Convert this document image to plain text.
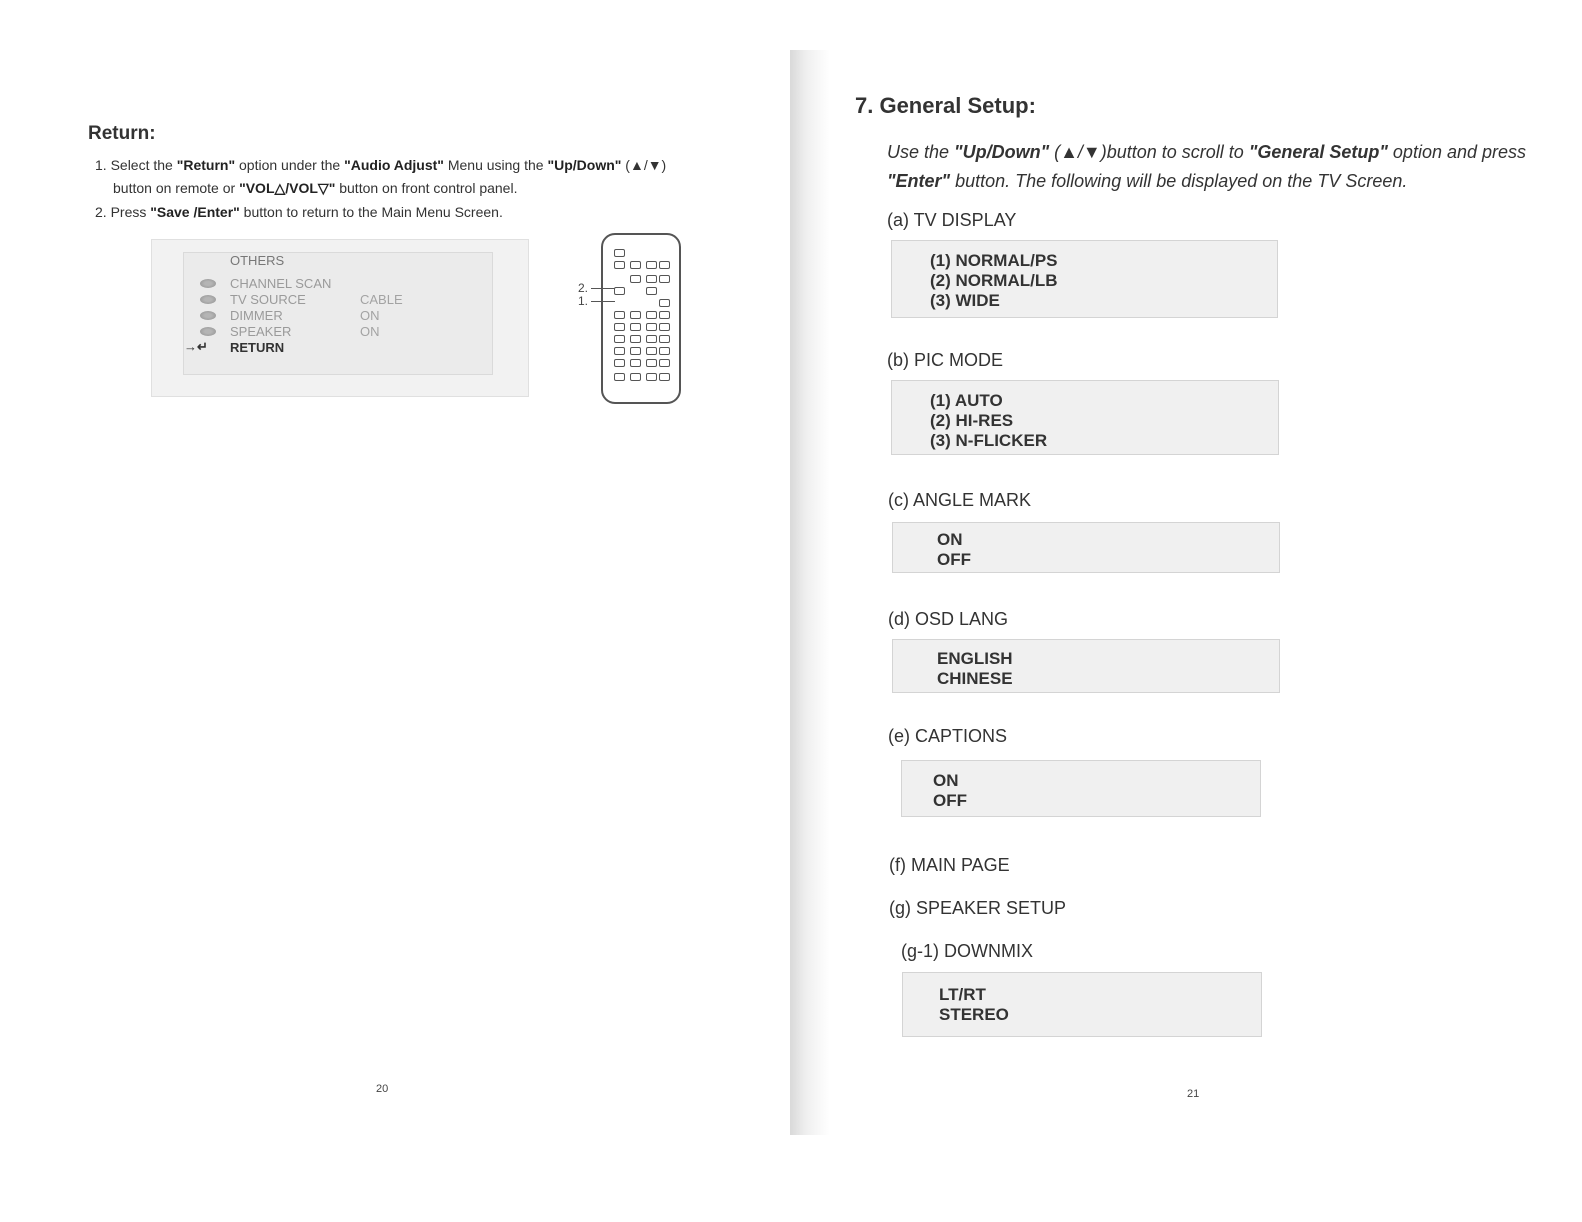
Return:
1. Select the "Return" option under the "Audio Adjust" Menu using the "Up/Down" (▲/▼)
button on remote or "VOL△/VOL▽" button on front control panel.
2. Press "Save /Enter" button to return to the Main Menu Screen.
OTHERS
CHANNEL SCAN
TV SOURCE	CABLE
DIMMER	ON
SPEAKER	ON
→↵ RETURN
2.
1.
20
7. General Setup:
Use the "Up/Down" (▲/▼)button to scroll to "General Setup" option and press "Enter" button. The following will be displayed on the TV Screen.
(a) TV DISPLAY
(1) NORMAL/PS
(2) NORMAL/LB
(3) WIDE
(b) PIC MODE
(1) AUTO
(2) HI-RES
(3) N-FLICKER
(c) ANGLE MARK
ON
OFF
(d) OSD LANG
ENGLISH
CHINESE
(e) CAPTIONS
ON
OFF
(f) MAIN PAGE
(g) SPEAKER SETUP
(g-1) DOWNMIX
LT/RT
STEREO
21
